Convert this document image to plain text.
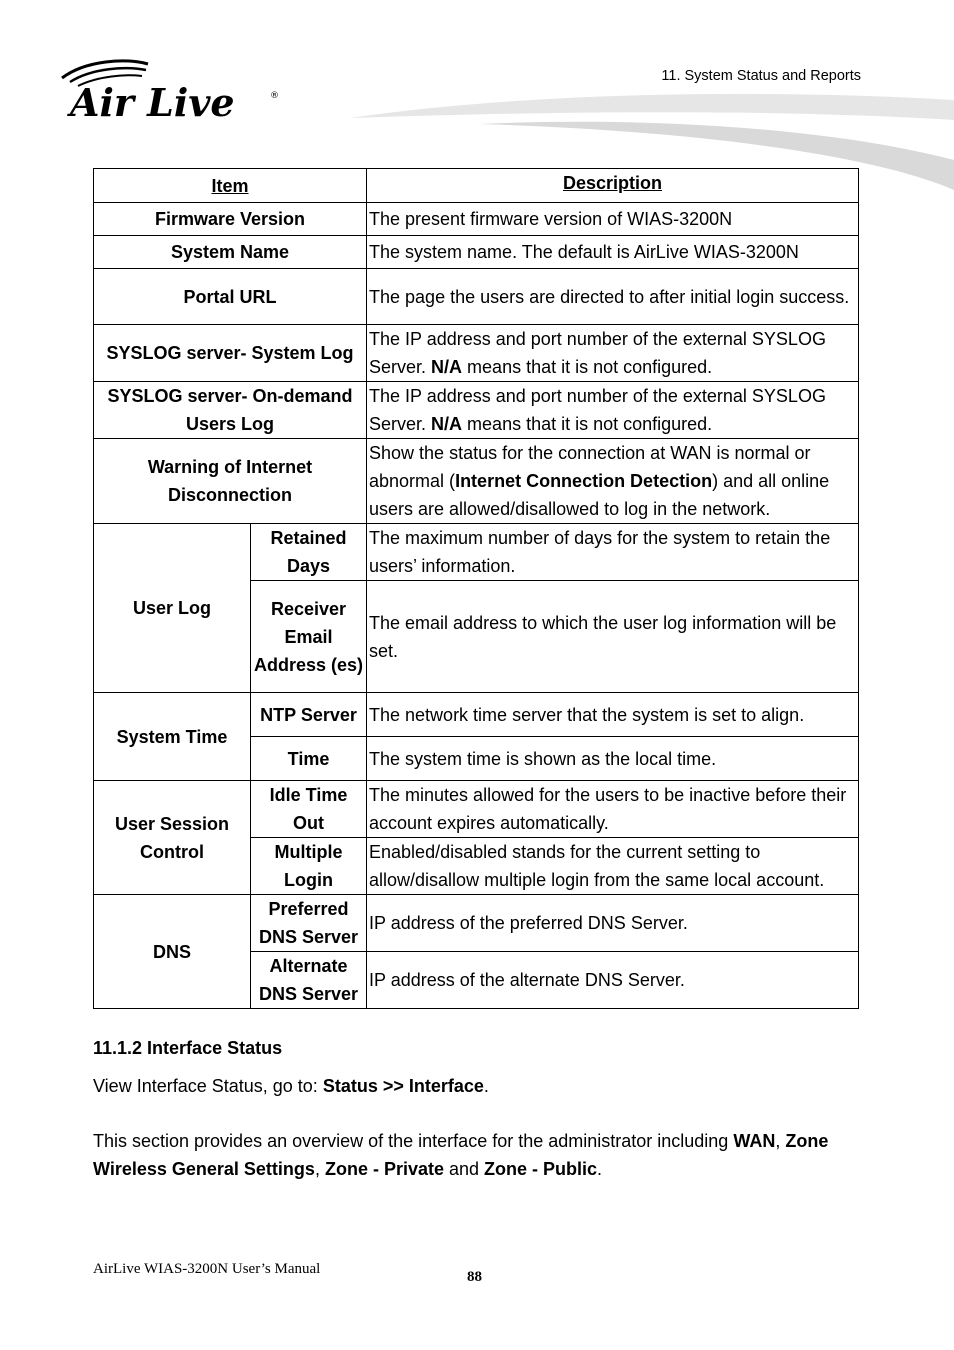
Air Live	®
11. System Status and Reports
Item		Description
Firmware Version		The present firmware version of WIAS-3200N
System Name		The system name. The default is AirLive WIAS-3200N
Portal URL		The page the users are directed to after initial login success.
SYSLOG server- System Log		The IP address and port number of the external SYSLOG Server. N/A means that it is not configured.
SYSLOG server- On-demand Users Log		The IP address and port number of the external SYSLOG Server. N/A means that it is not configured.
Warning of Internet Disconnection		Show the status for the connection at WAN is normal or abnormal (Internet Connection Detection) and all online users are allowed/disallowed to log in the network.
User Log	Retained Days	The maximum number of days for the system to retain the users’ information.
	Receiver Email Address (es)	The email address to which the user log information will be set.
System Time	NTP Server	The network time server that the system is set to align.
	Time	The system time is shown as the local time.
User Session Control	Idle Time Out	The minutes allowed for the users to be inactive before their account expires automatically.
	Multiple Login	Enabled/disabled stands for the current setting to allow/disallow multiple login from the same local account.
DNS	Preferred DNS Server	IP address of the preferred DNS Server.
	Alternate DNS Server	IP address of the alternate DNS Server.
11.1.2 Interface Status
View Interface Status, go to: Status >> Interface.
This section provides an overview of the interface for the administrator including WAN, Zone Wireless General Settings, Zone - Private and Zone - Public.
AirLive WIAS-3200N User’s Manual	88
